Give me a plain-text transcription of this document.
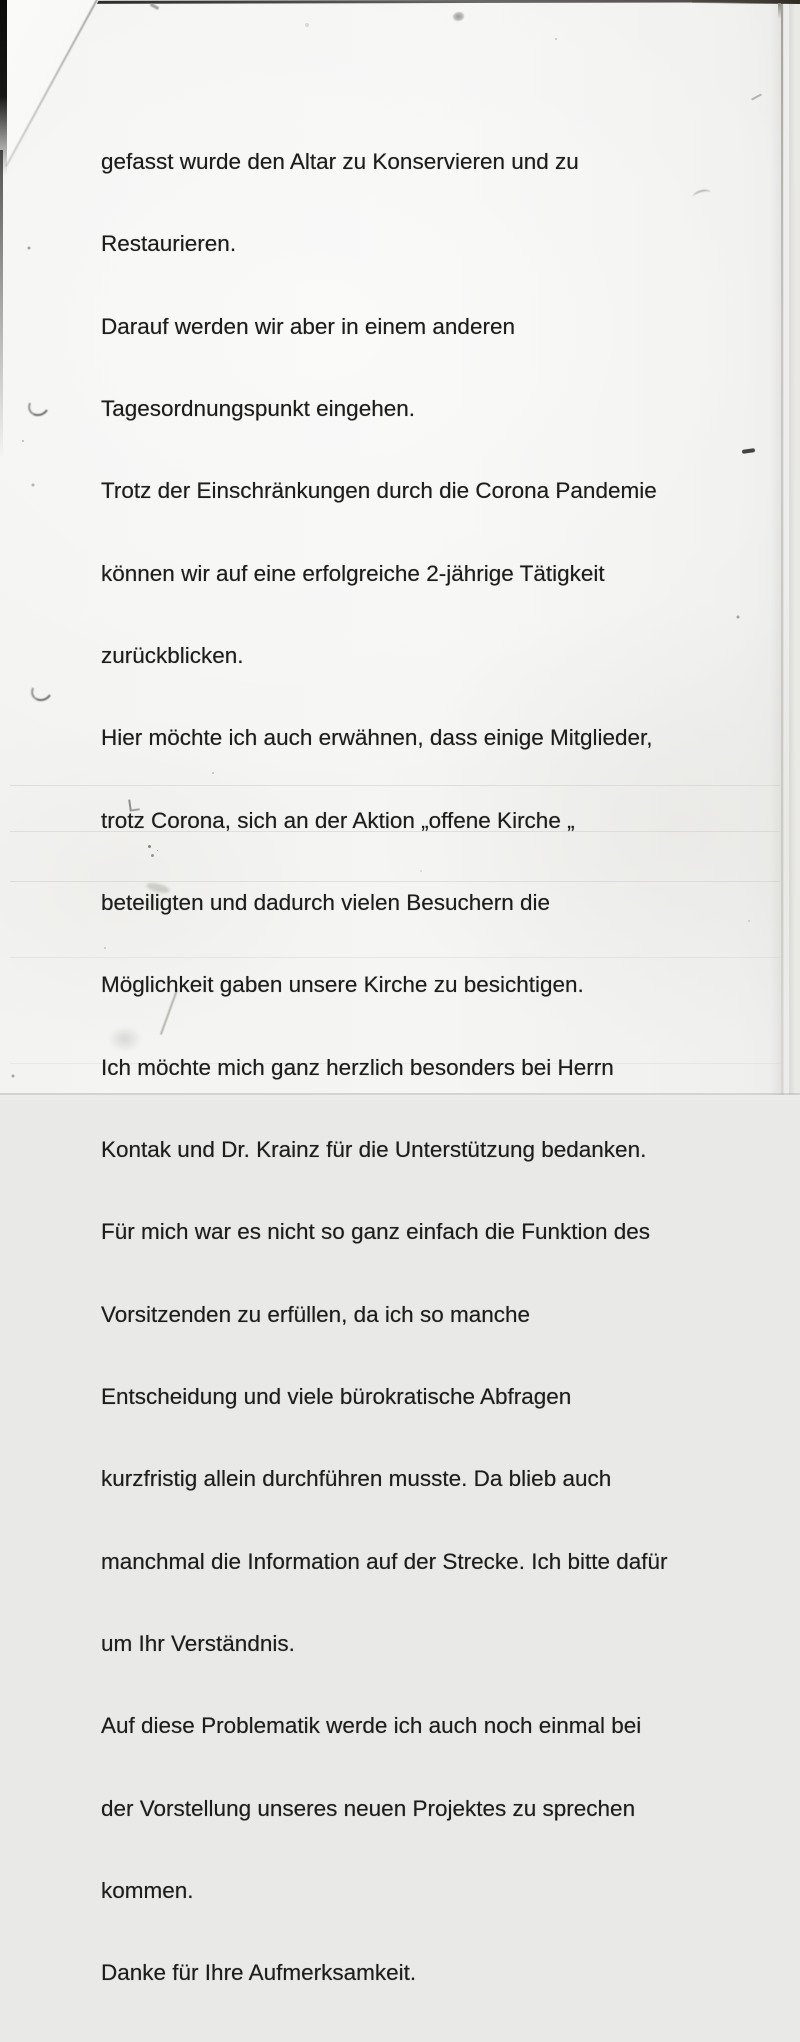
gefasst wurde den Altar zu Konservieren und zu

Restaurieren.

Darauf werden wir aber in einem anderen

Tagesordnungspunkt eingehen.

Trotz der Einschränkungen durch die Corona Pandemie

können wir auf eine erfolgreiche 2-jährige Tätigkeit

zurückblicken.

Hier möchte ich auch erwähnen, dass einige Mitglieder,

trotz Corona, sich an der Aktion „offene Kirche „

beteiligten und dadurch vielen Besuchern die

Möglichkeit gaben unsere Kirche zu besichtigen.

Ich möchte mich ganz herzlich besonders bei Herrn

Kontak und Dr. Krainz für die Unterstützung bedanken.

Für mich war es nicht so ganz einfach die Funktion des

Vorsitzenden zu erfüllen, da ich so manche

Entscheidung und viele bürokratische Abfragen

kurzfristig allein durchführen musste. Da blieb auch

manchmal die Information auf der Strecke. Ich bitte dafür

um Ihr Verständnis.

Auf diese Problematik werde ich auch noch einmal bei

der Vorstellung unseres neuen Projektes zu sprechen

kommen.

Danke für Ihre Aufmerksamkeit.
